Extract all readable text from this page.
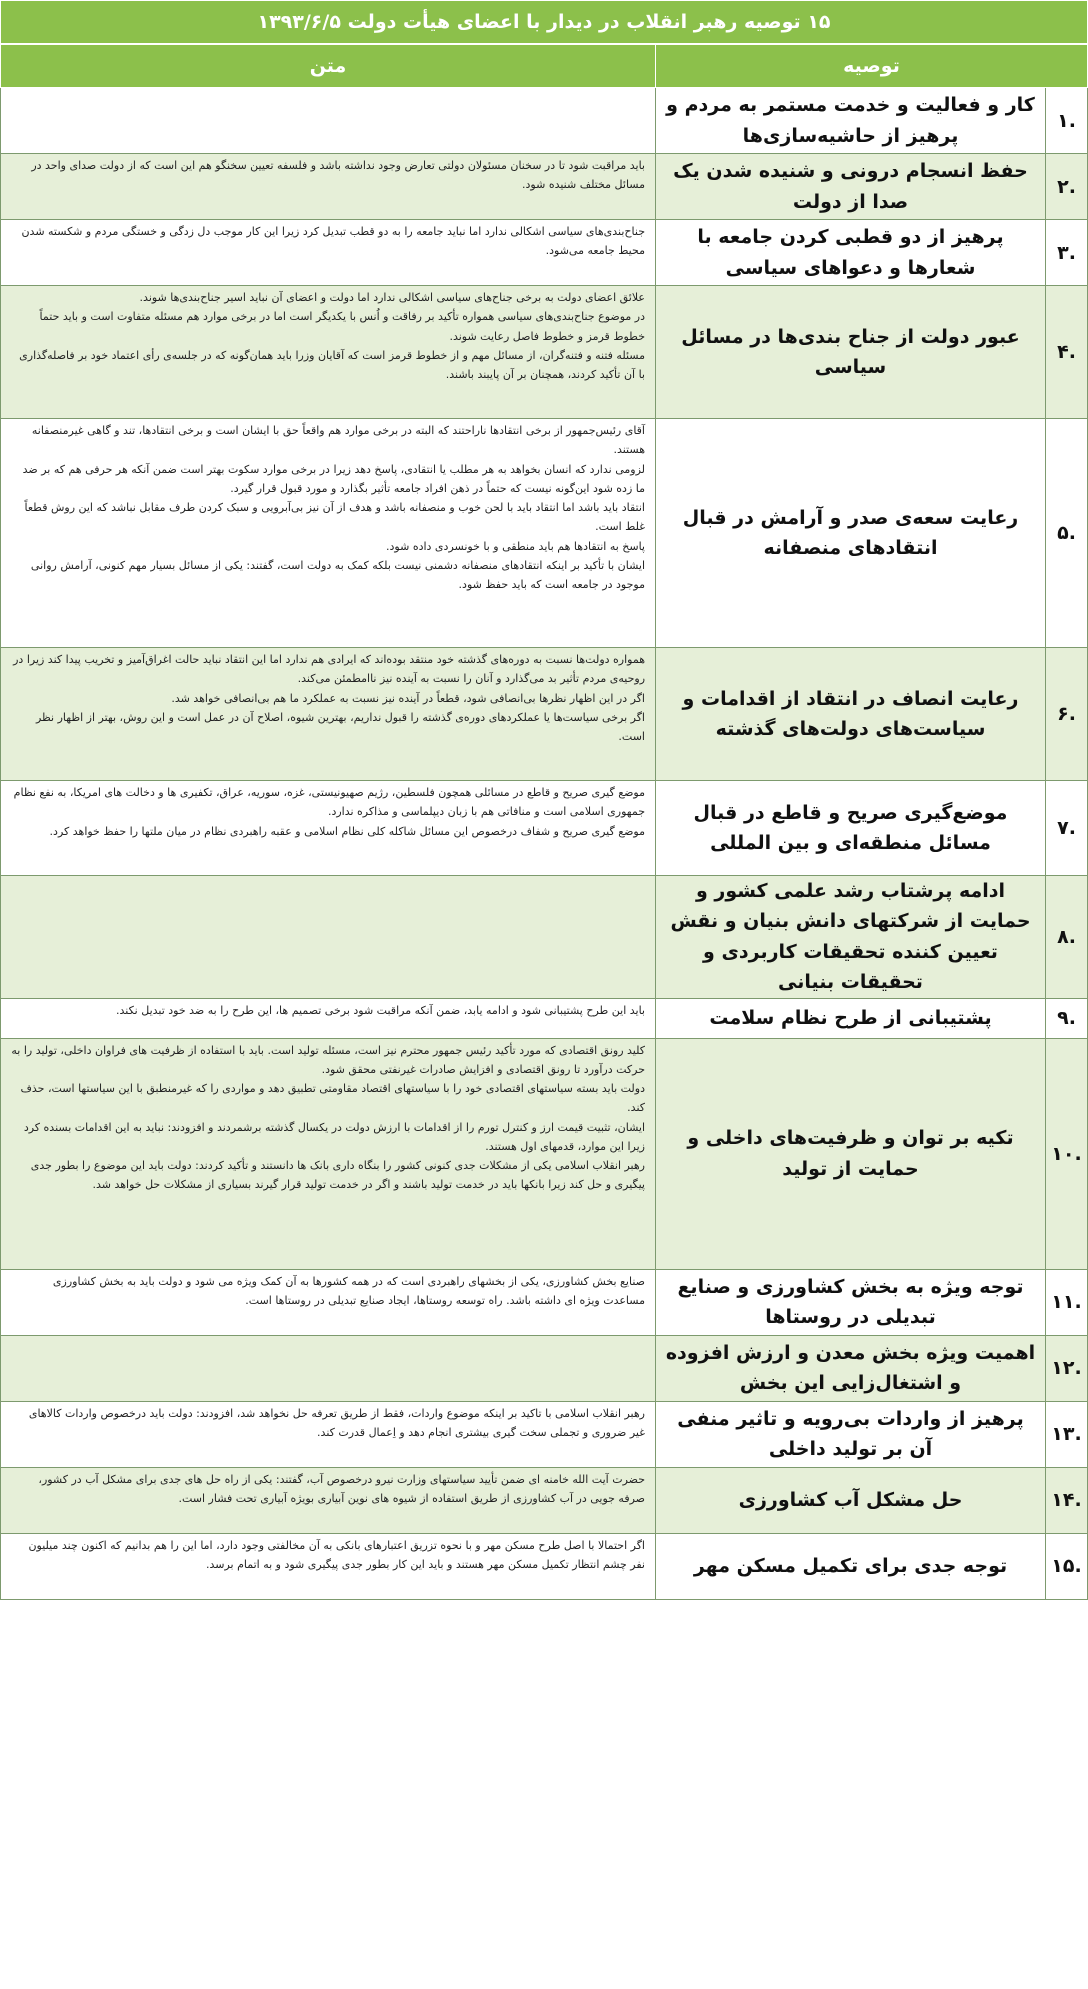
۱۵ توصیه رهبر انقلاب در دیدار با اعضای هیأت دولت ۱۳۹۳/۶/۵		
توصیه		متن
.۱	کار و فعالیت و خدمت مستمر به مردم و پرهیز از حاشیه‌سازی‌ها	
.۲	حفظ انسجام درونی و شنیده شدن یک صدا از دولت	باید مراقبت شود تا در سخنان مسئولان دولتی تعارض وجود نداشته باشد و فلسفه تعیین سخنگو هم این است که از دولت صدای واحد در مسائل مختلف شنیده شود.

.۳	پرهیز از دو قطبی کردن جامعه با شعارها و دعواهای سیاسی	جناح‌بندی‌های سیاسی اشکالی ندارد اما نباید جامعه را به دو قطب تبدیل کرد زیرا این کار موجب دل زدگی و خستگی مردم و شکسته شدن محیط جامعه می‌شود.

.۴	عبور دولت از جناح بندی‌ها در مسائل سیاسی	علائق اعضای دولت به برخی جناح‌های سیاسی اشکالی ندارد اما دولت و اعضای آن نباید اسیر جناح‌بندی‌ها شوند.
در موضوع جناح‌بندی‌های سیاسی همواره تأکید بر رفاقت و اُنس با یکدیگر است اما در برخی موارد هم مسئله متفاوت است و باید حتماً خطوط قرمز و خطوط فاصل رعایت شوند.
مسئله فتنه و فتنه‌گران، از مسائل مهم و از خطوط قرمز است که آقایان وزرا باید همان‌گونه که در جلسه‌ی رأی اعتماد خود بر فاصله‌گذاری با آن تأکید کردند، همچنان بر آن پایبند باشند.

.۵	رعایت سعه‌ی صدر و آرامش در قبال انتقادهای منصفانه	آقای رئیس‌جمهور از برخی انتقادها ناراحتند که البته در برخی موارد هم واقعاً حق با ایشان است و برخی انتقادها، تند و گاهی غیرمنصفانه هستند.
لزومی ندارد که انسان بخواهد به هر مطلب یا انتقادی، پاسخ دهد زیرا در برخی موارد سکوت بهتر است ضمن آنکه هر حرفی هم که بر ضد ما زده شود این‌گونه نیست که حتماً در ذهن افراد جامعه تأثیر بگذارد و مورد قبول قرار گیرد.
انتقاد باید باشد اما انتقاد باید با لحن خوب و منصفانه باشد و هدف از آن نیز بی‌آبرویی و سبک کردن طرف مقابل نباشد که این روش قطعاً غلط است.
پاسخ به انتقادها هم باید منطقی و با خونسردی داده شود.
ایشان با تأکید بر اینکه انتقادهای منصفانه دشمنی نیست بلکه کمک به دولت است، گفتند: یکی از مسائل بسیار مهم کنونی، آرامش روانی موجود در جامعه است که باید حفظ شود.

.۶	رعایت انصاف در انتقاد از اقدامات و سیاست‌های دولت‌های گذشته	همواره دولت‌ها نسبت به دوره‌های گذشته خود منتقد بوده‌اند که ایرادی هم ندارد اما این انتقاد نباید حالت اغراق‌آمیز و تخریب پیدا کند زیرا در روحیه‌ی مردم تأثیر بد می‌گذارد و آنان را نسبت به آینده نیز ناامطمئن می‌کند.
اگر در این اظهار نظرها بی‌انصافی شود، قطعاً در آینده نیز نسبت به عملکرد ما هم بی‌انصافی خواهد شد.
اگر برخی سیاست‌ها یا عملکردهای دوره‌ی گذشته را قبول نداریم، بهترین شیوه، اصلاح آن در عمل است و این روش، بهتر از اظهار نظر است.

.۷	موضع‌گیری صریح و قاطع در قبال مسائل منطقه‌ای و بین المللی	موضع گیری صریح و قاطع در مسائلی همچون فلسطین، رژیم صهیونیستی، غزه، سوریه، عراق، تکفیری ها و دخالت های امریکا، به نفع نظام جمهوری اسلامی است و منافاتی هم با زبان دیپلماسی و مذاکره ندارد.
موضع گیری صریح و شفاف درخصوص این مسائل شاکله کلی نظام اسلامی و عقبه راهبردی نظام در میان ملتها را حفظ خواهد کرد.

.۸	ادامه پرشتاب رشد علمی کشور و حمایت از شرکتهای دانش بنیان و نقش تعیین کننده تحقیقات کاربردی و تحقیقات بنیانی	
.۹	پشتیبانی از طرح نظام سلامت	باید این طرح پشتیبانی شود و ادامه یابد، ضمن آنکه مراقبت شود برخی تصمیم ها، این طرح را به ضد خود تبدیل نکند.

.۱۰	تکیه بر توان و ظرفیت‌های داخلی و حمایت از تولید	کلید رونق اقتصادی که مورد تأکید رئیس جمهور محترم نیز است، مسئله تولید است. باید با استفاده از ظرفیت های فراوان داخلی، تولید را به حرکت درآورد تا رونق اقتصادی و افزایش صادرات غیرنفتی محقق شود.
دولت باید بسته سیاستهای اقتصادی خود را با سیاستهای اقتصاد مقاومتی تطبیق دهد و مواردی را که غیرمنطبق با این سیاستها است، حذف کند.
ایشان، تثبیت قیمت ارز و کنترل تورم را از اقدامات با ارزش دولت در یکسال گذشته برشمردند و افزودند: نباید به این اقدامات بسنده کرد زیرا این موارد، قدمهای اول هستند.
رهبر انقلاب اسلامی یکی از مشکلات جدی کنونی کشور را بنگاه داری بانک ها دانستند و تأکید کردند: دولت باید این موضوع را بطور جدی پیگیری و حل کند زیرا بانکها باید در خدمت تولید باشند و اگر در خدمت تولید قرار گیرند بسیاری از مشکلات حل خواهد شد.

.۱۱	توجه ویژه به بخش کشاورزی و صنایع تبدیلی در روستاها	صنایع بخش کشاورزی، یکی از بخشهای راهبردی است که در همه کشورها به آن کمک ویژه می شود و دولت باید به بخش کشاورزی مساعدت ویژه ای داشته باشد. راه توسعه روستاها، ایجاد صنایع تبدیلی در روستاها است.

.۱۲	اهمیت ویژه بخش معدن و ارزش افزوده و اشتغال‌زایی این بخش	
.۱۳	پرهیز از واردات بی‌رویه و تاثیر منفی آن بر تولید داخلی	رهبر انقلاب اسلامی با تاکید بر اینکه موضوع واردات، فقط از طریق تعرفه حل نخواهد شد، افزودند: دولت باید درخصوص واردات کالاهای غیر ضروری و تجملی سخت گیری بیشتری انجام دهد و اِعمال قدرت کند.

.۱۴	حل مشکل آب کشاورزی	حضرت آیت الله خامنه ای ضمن تأیید سیاستهای وزارت نیرو درخصوص آب، گفتند: یکی از راه حل های جدی برای مشکل آب در کشور، صرفه جویی در آب کشاورزی از طریق استفاده از شیوه های نوین آبیاری بویژه آبیاری تحت فشار است.

.۱۵	توجه جدی برای تکمیل مسکن مهر	اگر احتمالا با اصل طرح مسکن مهر و با نحوه تزریق اعتبارهای بانکی به آن مخالفتی وجود دارد، اما این را هم بدانیم که اکنون چند میلیون نفر چشم انتظار تکمیل مسکن مهر هستند و باید این کار بطور جدی پیگیری شود و به اتمام برسد.
